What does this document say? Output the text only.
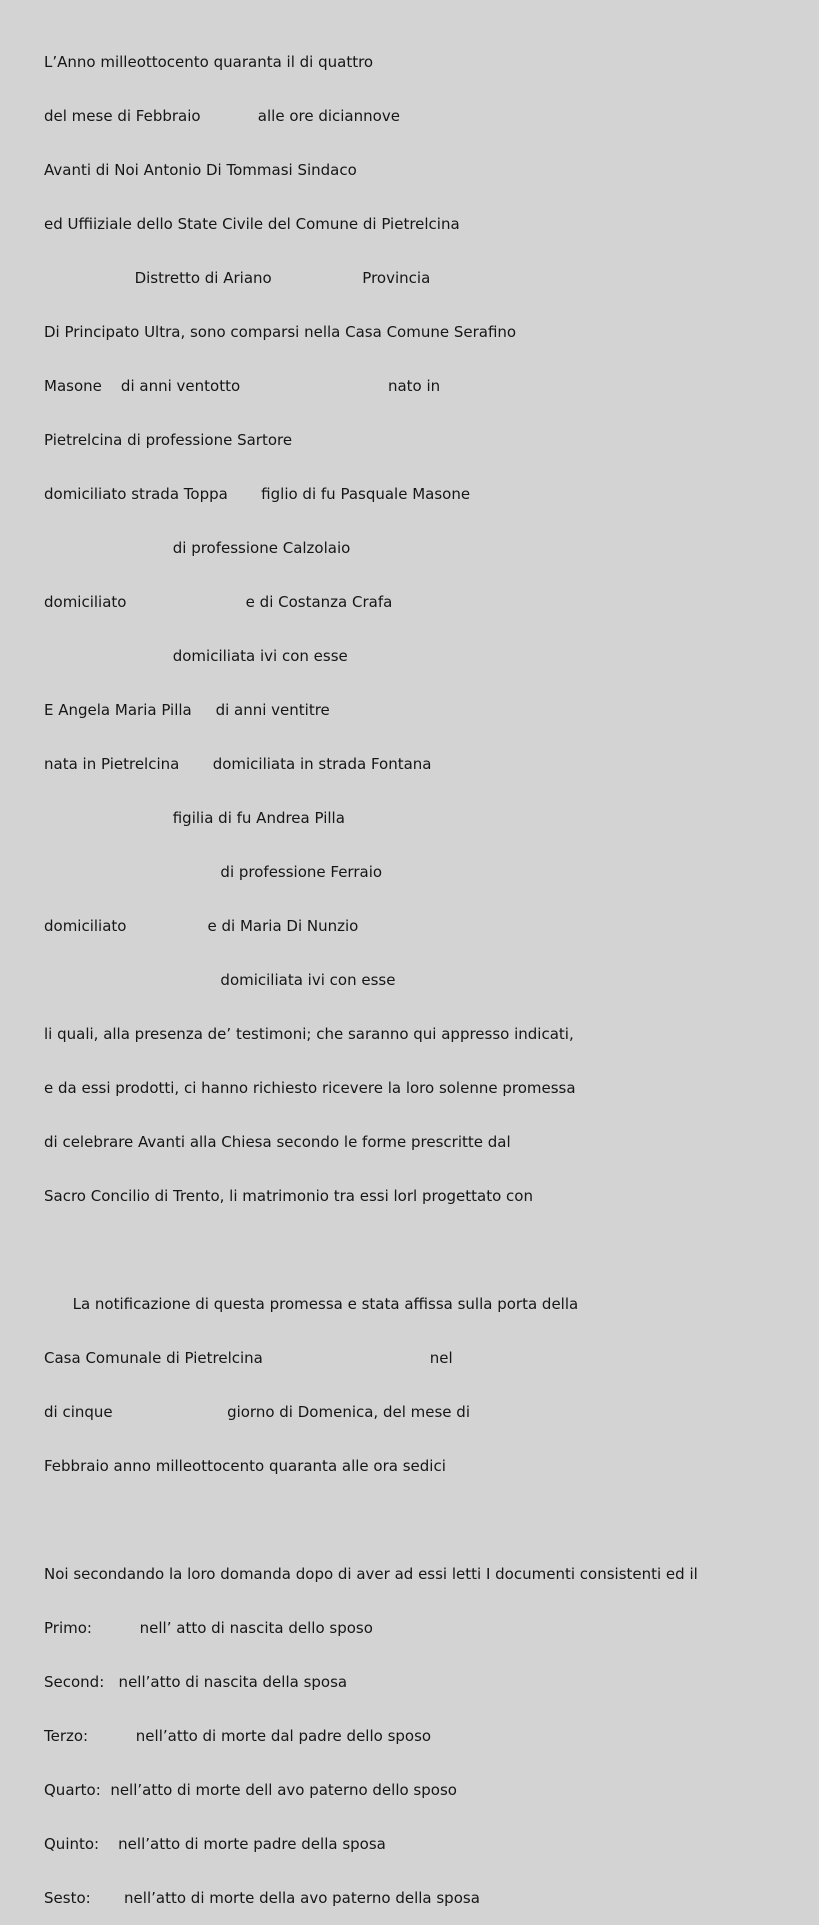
L’Anno milleottocento quaranta il di quattro

del mese di Febbraio            alle ore diciannove

Avanti di Noi Antonio Di Tommasi Sindaco

ed Uffiiziale dello State Civile del Comune di Pietrelcina

Distretto di Ariano                   Provincia

Di Principato Ultra, sono comparsi nella Casa Comune Serafino

Masone    di anni ventotto                               nato in

Pietrelcina di professione Sartore

domiciliato strada Toppa       figlio di fu Pasquale Masone

di professione Calzolaio

domiciliato                         e di Costanza Crafa

domiciliata ivi con esse

E Angela Maria Pilla     di anni ventitre

nata in Pietrelcina       domiciliata in strada Fontana

figilia di fu Andrea Pilla

di professione Ferraio

domiciliato                 e di Maria Di Nunzio

domiciliata ivi con esse

li quali, alla presenza de’ testimoni; che saranno qui appresso indicati,

e da essi prodotti, ci hanno richiesto ricevere la loro solenne promessa

di celebrare Avanti alla Chiesa secondo le forme prescritte dal

Sacro Concilio di Trento, li matrimonio tra essi lorl progettato con

La notificazione di questa promessa e stata affissa sulla porta della

Casa Comunale di Pietrelcina                                   nel

di cinque                        giorno di Domenica, del mese di

Febbraio anno milleottocento quaranta alle ora sedici

Noi secondando la loro domanda dopo di aver ad essi letti I documenti consistenti ed il

Primo:          nell’ atto di nascita dello sposo

Second:   nell’atto di nascita della sposa

Terzo:          nell’atto di morte dal padre dello sposo

Quarto:  nell’atto di morte dell avo paterno dello sposo

Quinto:    nell’atto di morte padre della sposa

Sesto:       nell’atto di morte della avo paterno della sposa
